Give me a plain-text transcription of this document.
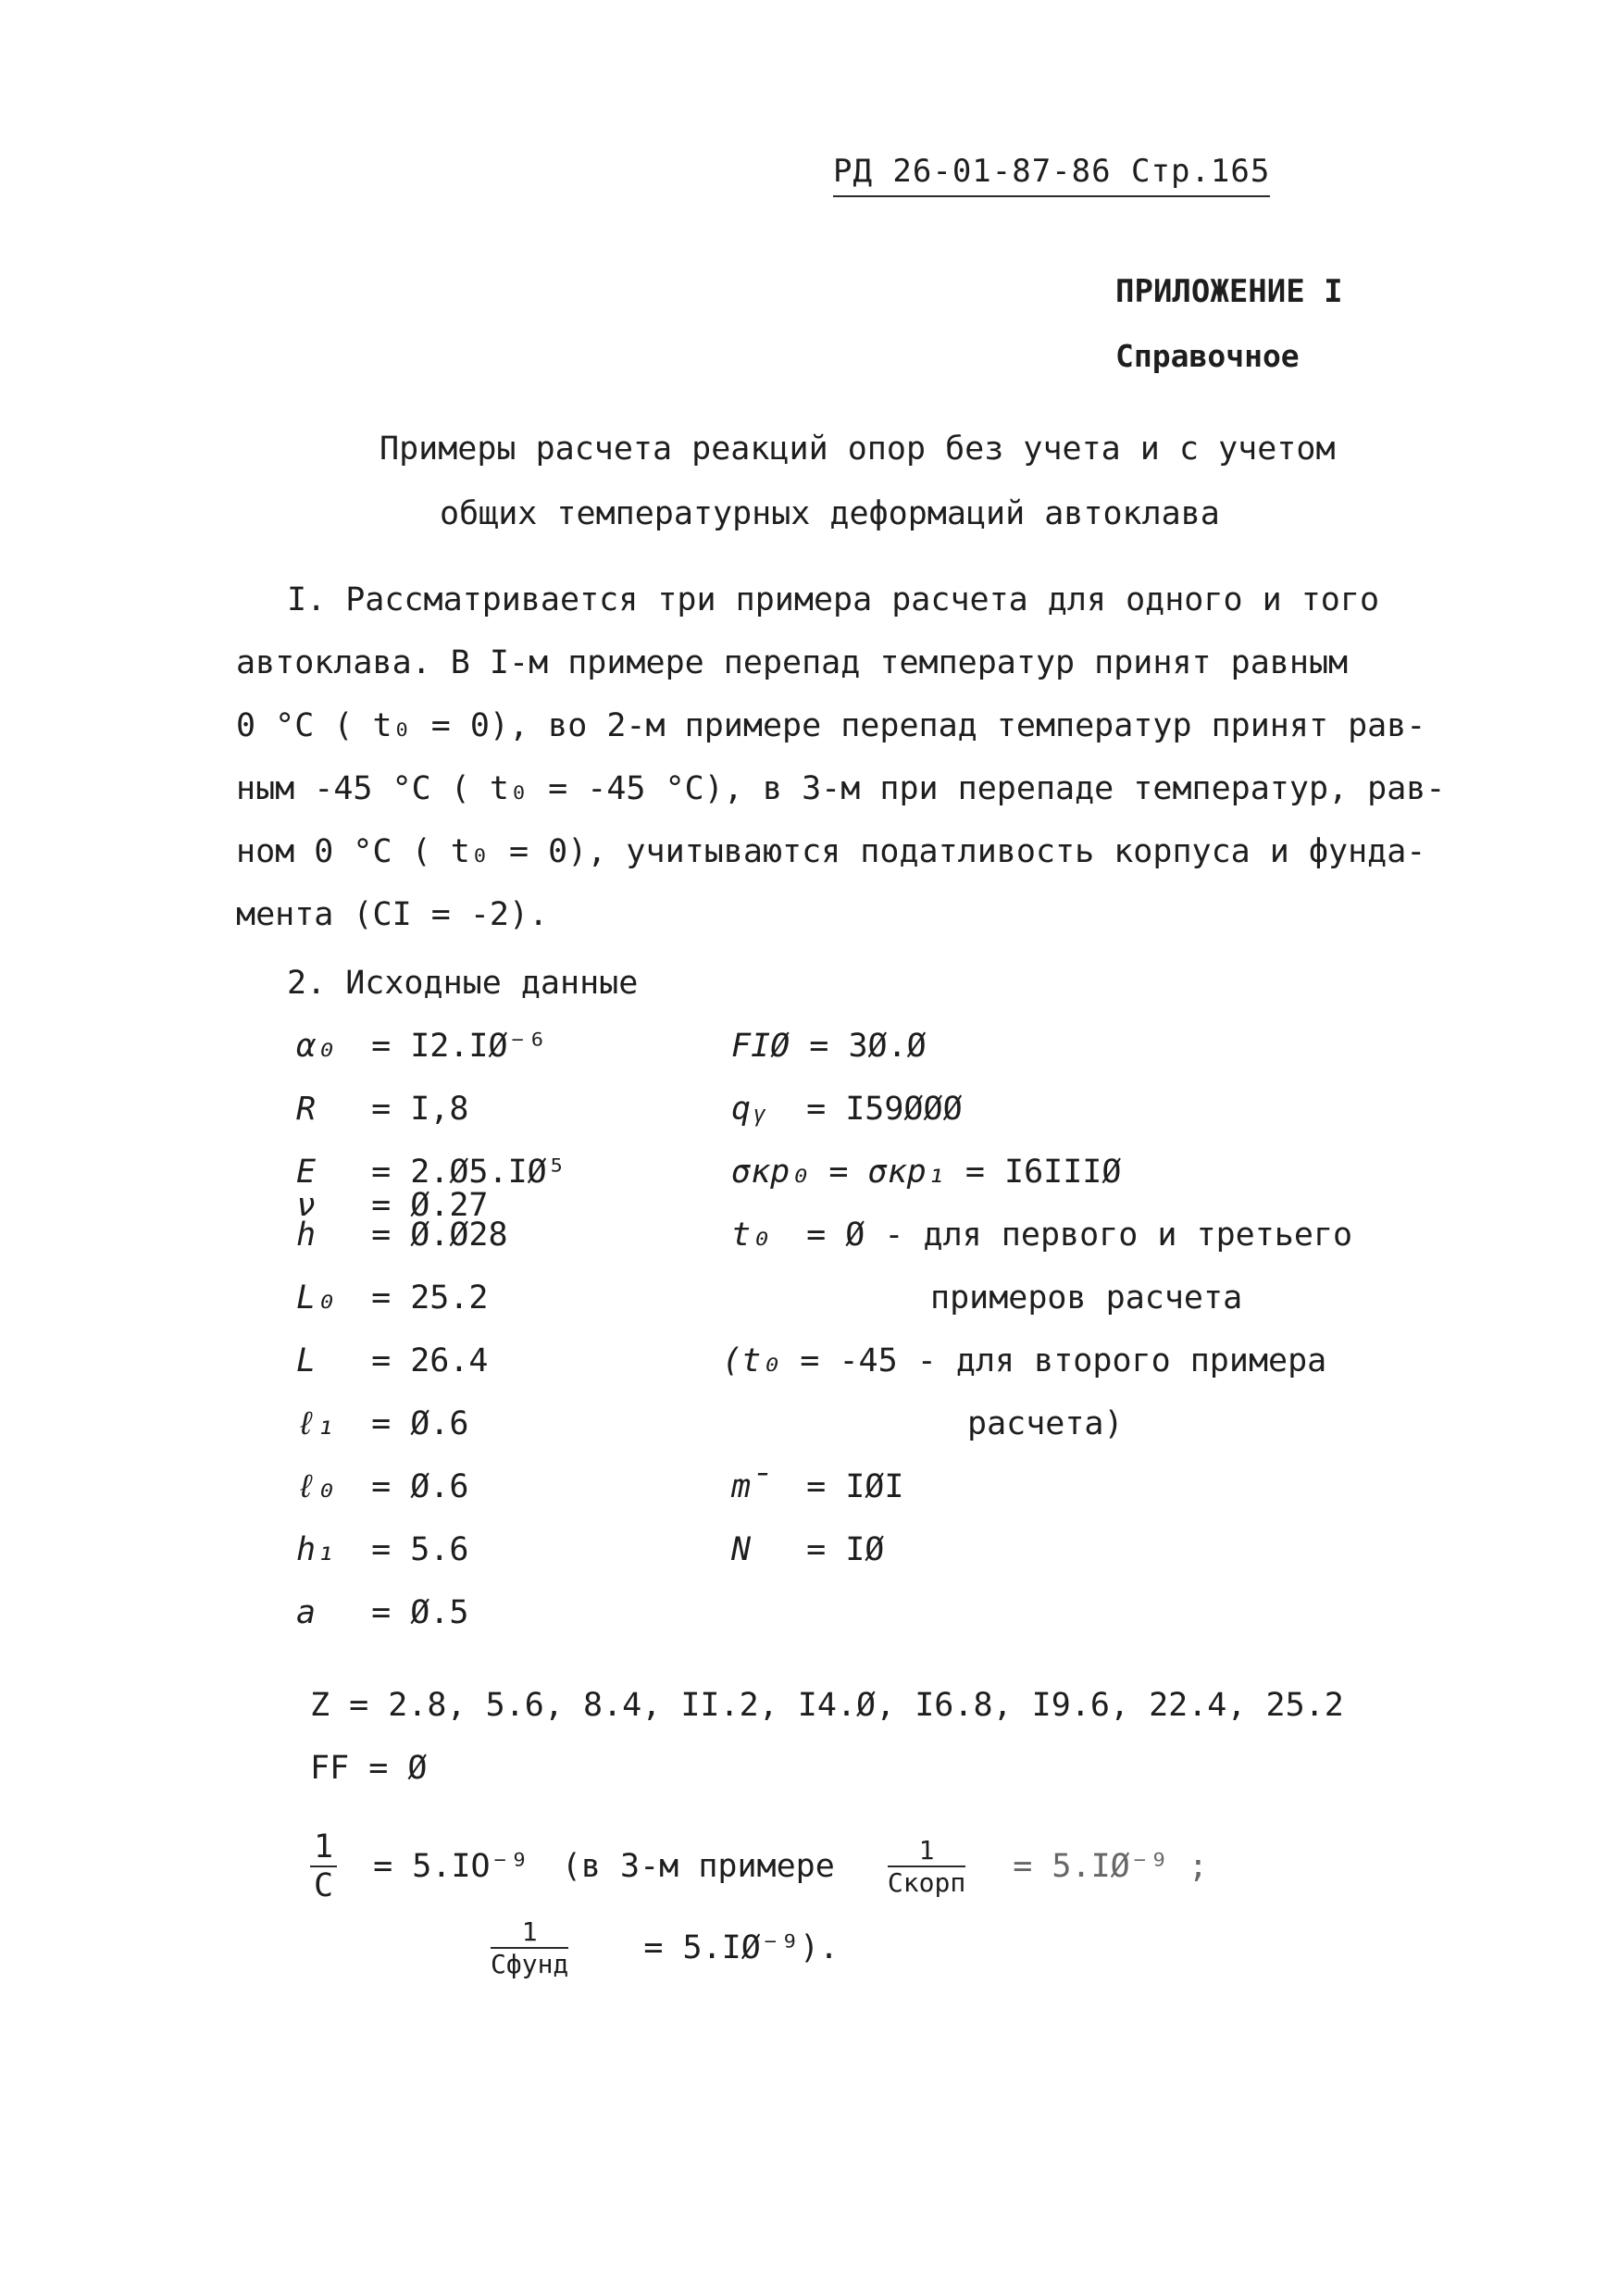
РД 26-01-87-86 Стр.165
ПРИЛОЖЕНИЕ I
Справочное
Примеры расчета реакций опор без учета и с учетом
общих температурных деформаций автоклава
I. Рассматривается три примера расчета для одного и того
автоклава. В I-м примере перепад температур принят равным
0 °С ( t₀ = 0), во 2-м примере перепад температур принят рав-
ным -45 °С ( t₀ = -45 °С), в 3-м при перепаде температур, рав-
ном 0 °С ( t₀ = 0), учитываются податливость корпуса и фунда-
мента (CI = -2).
2. Исходные данные
α₀ = I2.IØ⁻⁶
R = I,8
E = 2.Ø5.IØ⁵
ν = Ø.27
h = Ø.Ø28
L₀ = 25.2
L = 26.4
ℓ₁ = Ø.6
ℓ₀ = Ø.6
h₁ = 5.6
a = Ø.5
FIØ = 3Ø.Ø
qᵧ = I59ØØØ
σкр₀ = σкр₁ = I6IIIØ
t₀ = Ø - для первого и третьего
примеров расчета
(t₀ = -45 - для второго примера
расчета)
m̄ = IØI
N = IØ
Z = 2.8, 5.6, 8.4, II.2, I4.Ø, I6.8, I9.6, 22.4, 25.2
FF = Ø
$\frac{1}{C} = 5.IO^{-9}$ (в 3-м примере	1
Cкорп = 5.IØ⁻⁹ ;
1
Cфунд = 5.IØ⁻⁹).
